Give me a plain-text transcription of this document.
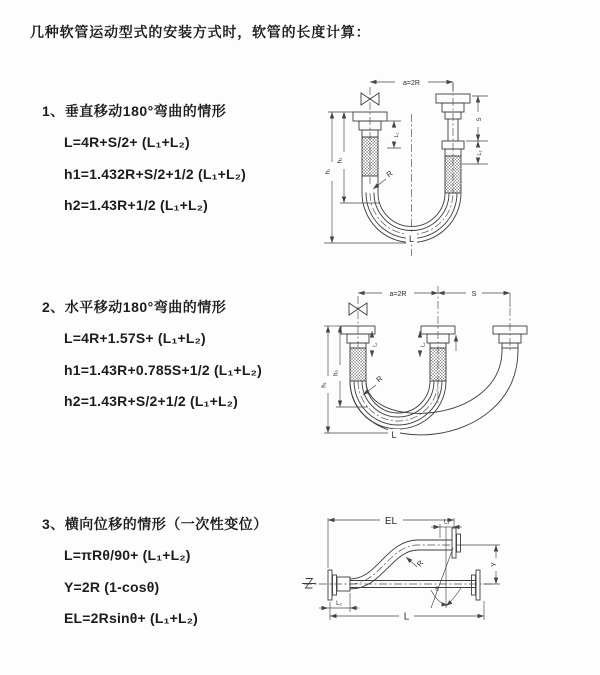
几种软管运动型式的安装方式时，软管的长度计算：
1、垂直移动180°弯曲的情形
L=4R+S/2+ (L₁+L₂)
h1=1.432R+S/2+1/2 (L₁+L₂)
h2=1.43R+1/2 (L₁+L₂)
2、水平移动180°弯曲的情形
L=4R+1.57S+ (L₁+L₂)
h1=1.43R+0.785S+1/2 (L₁+L₂)
h2=1.43R+S/2+1/2 (L₁+L₂)
3、横向位移的情形（一次性变位）
L=πRθ/90+ (L₁+L₂)
Y=2R (1-cosθ)
EL=2Rsinθ+ (L₁+L₂)
a=2R
S
L₂
L₁
h₁
h₂
R
L
a=2R	S
h₁
h₂
L₁	L₂
R
L
EL	L₁
Y
L
L₂
R
θ
